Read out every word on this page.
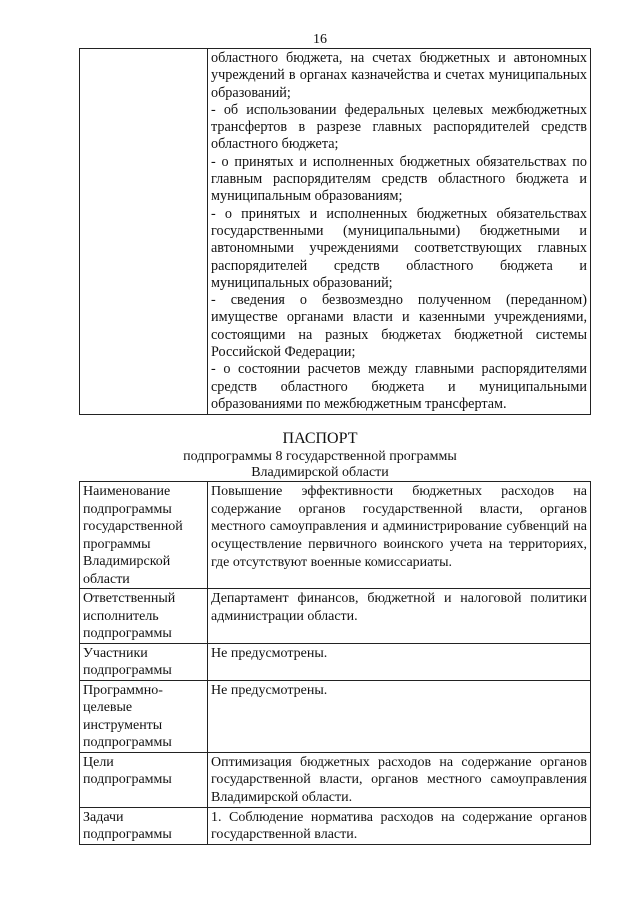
16

областного бюджета, на счетах бюджетных и автономных учреждений в органах казначейства и счетах муниципальных образований;
- об использовании федеральных целевых межбюджетных трансфертов в разрезе главных распорядителей средств областного бюджета;
- о принятых и исполненных бюджетных обязательствах по главным распорядителям средств областного бюджета и муниципальным образованиям;
- о принятых и исполненных бюджетных обязательствах государственными (муниципальными) бюджетными и автономными учреждениями соответствующих главных распорядителей средств областного бюджета и муниципальных образований;
- сведения о безвозмездно полученном (переданном) имуществе органами власти и казенными учреждениями, состоящими на разных бюджетах бюджетной системы Российской Федерации;
- о состоянии расчетов между главными распорядителями средств областного бюджета и муниципальными образованиями по межбюджетным трансфертам.
ПАСПОРТ
подпрограммы 8 государственной программы
Владимирской области
Наименование подпрограммы государственной программы Владимирской области	Повышение эффективности бюджетных расходов на содержание органов государственной власти, органов местного самоуправления и администрирование субвенций на осуществление первичного воинского учета на территориях, где отсутствуют военные комиссариаты.
Ответственный исполнитель подпрограммы	Департамент финансов, бюджетной и налоговой политики администрации области.
Участники подпрограммы	Не предусмотрены.
Программно-целевые инструменты подпрограммы	Не предусмотрены.
Цели подпрограммы	Оптимизация бюджетных расходов на содержание органов государственной власти, органов местного самоуправления Владимирской области.
Задачи подпрограммы	1. Соблюдение норматива расходов на содержание органов государственной власти.
